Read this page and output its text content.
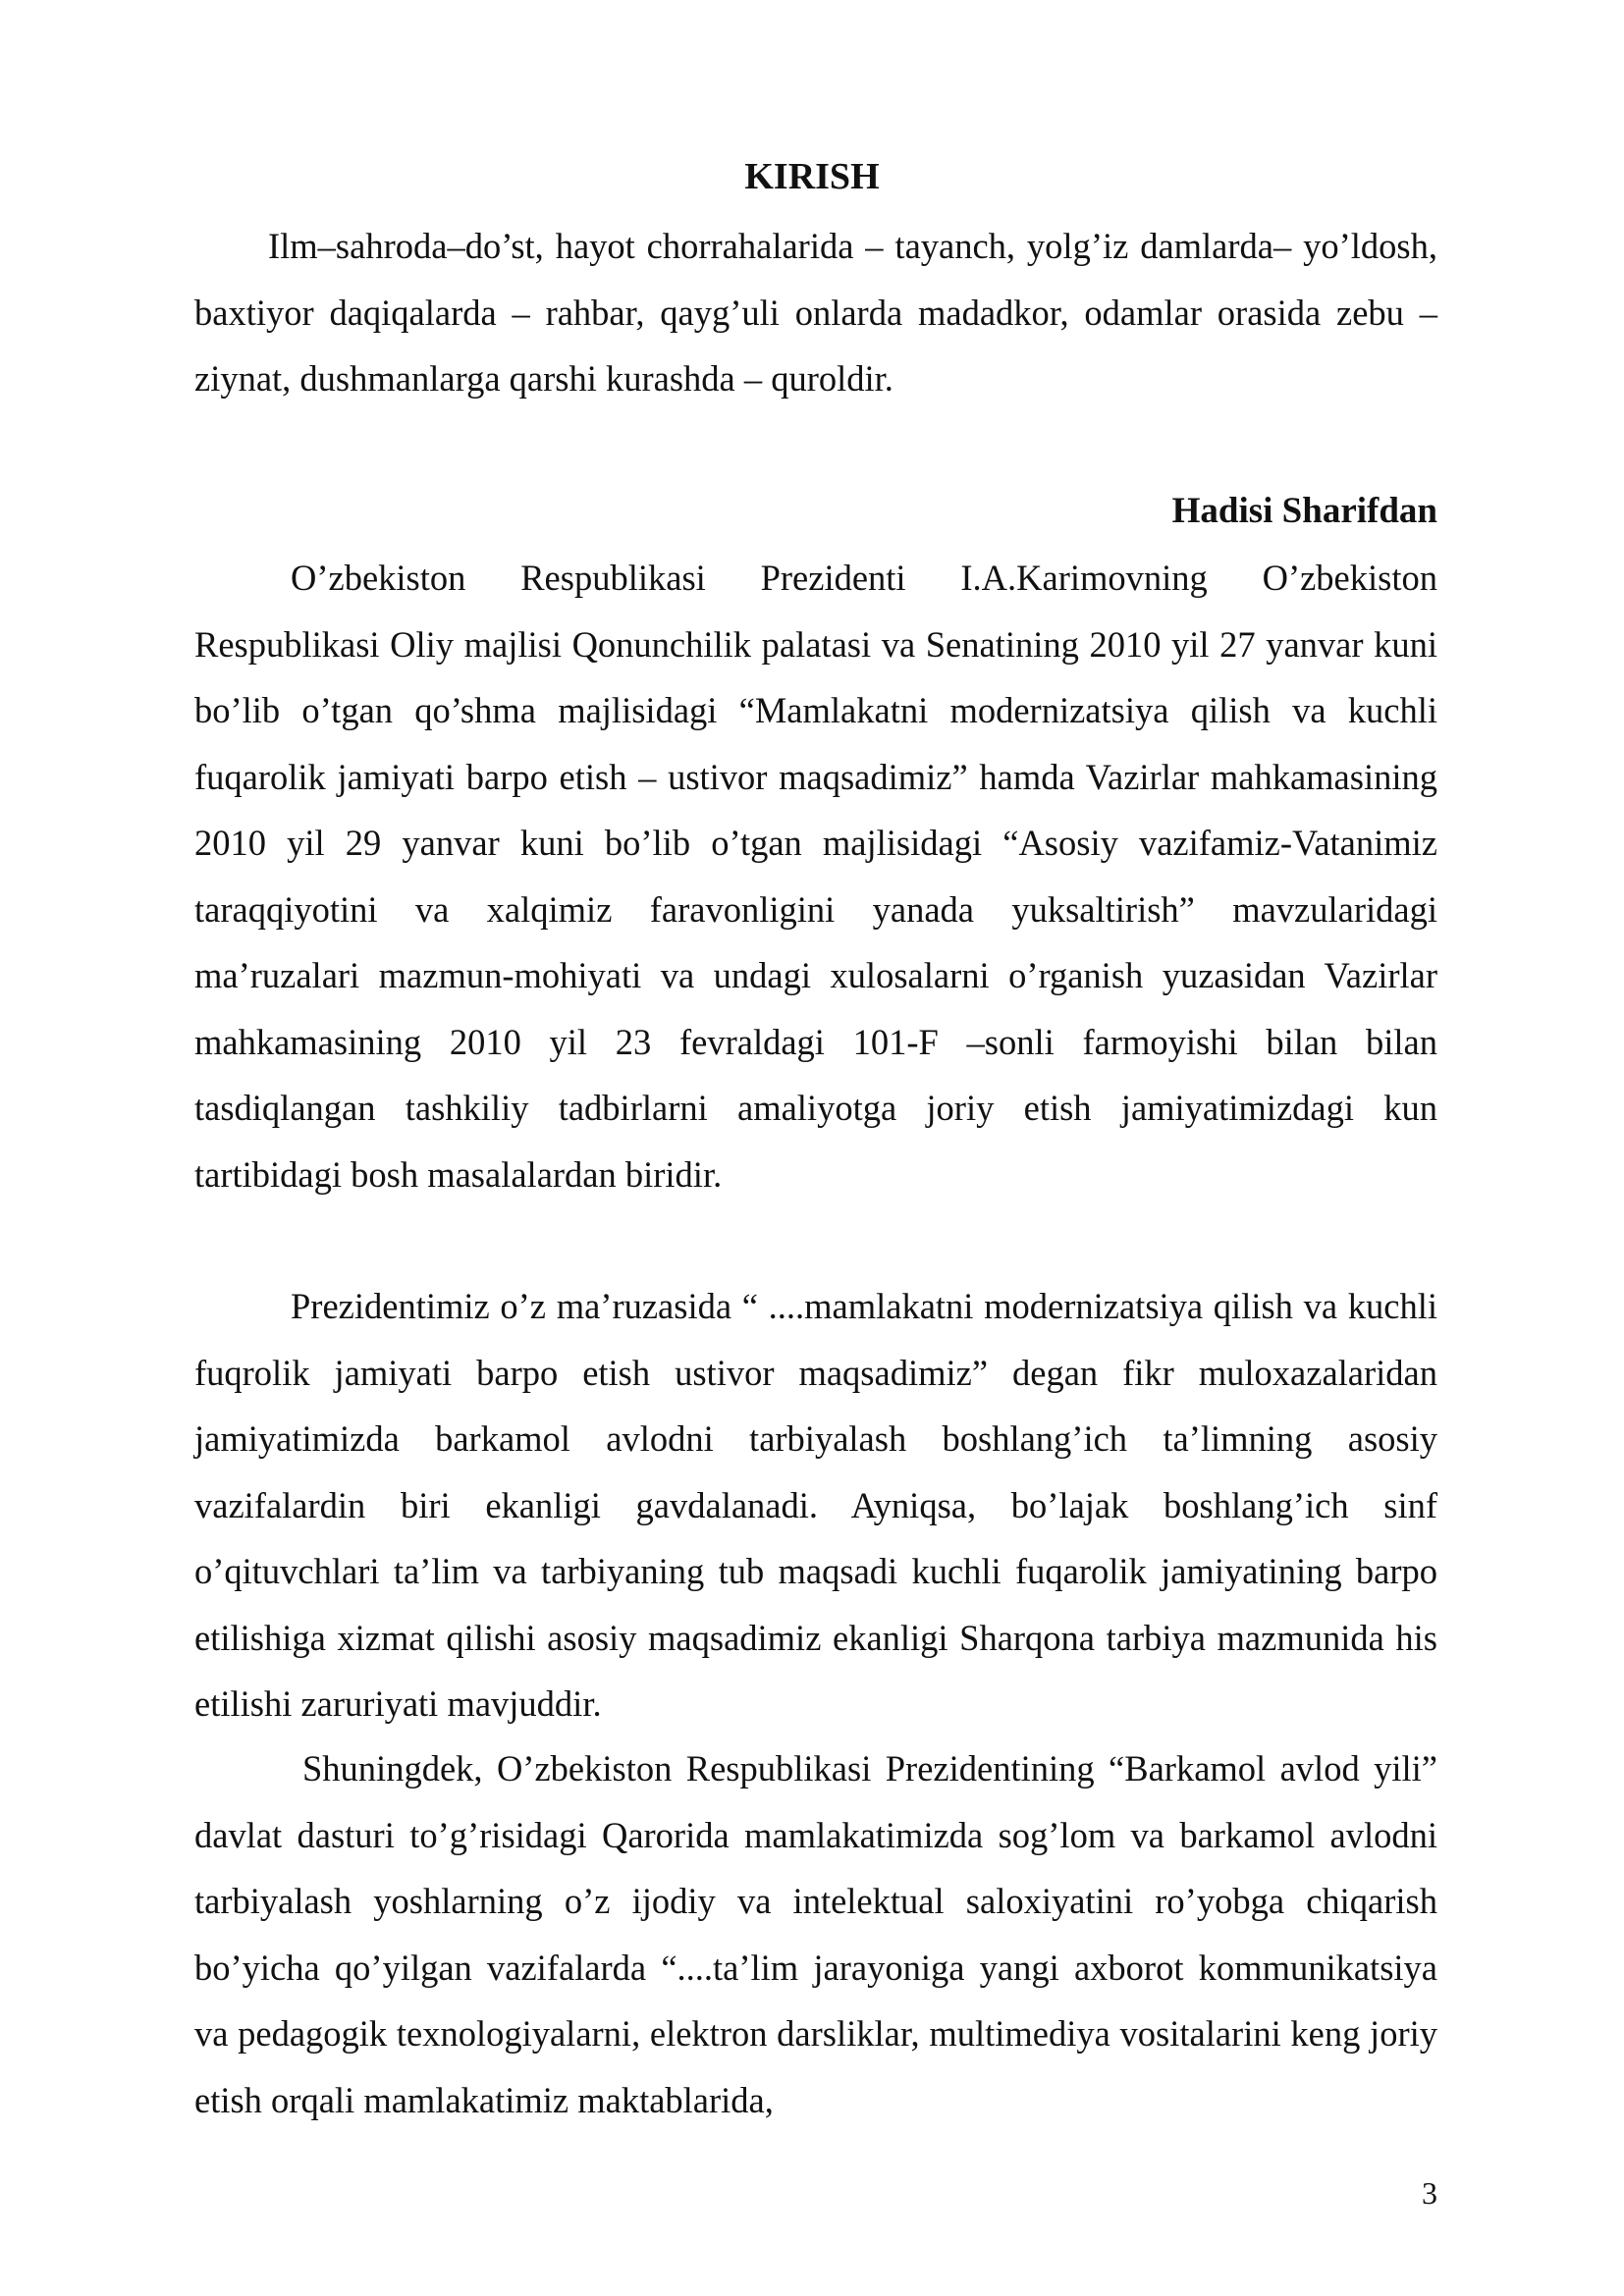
KIRISH
Ilm–sahroda–do’st, hayot chorrahalarida – tayanch, yolg’iz damlarda– yo’ldosh, baxtiyor daqiqalarda – rahbar, qayg’uli onlarda madadkor, odamlar orasida zebu – ziynat, dushmanlarga qarshi kurashda – quroldir.
Hadisi Sharifdan
O’zbekiston Respublikasi Prezidenti I.A.Karimovning O’zbekiston Respublikasi Oliy majlisi Qonunchilik palatasi va Senatining 2010 yil 27 yanvar kuni bo’lib o’tgan qo’shma majlisidagi “Mamlakatni modernizatsiya qilish va kuchli fuqarolik jamiyati barpo etish – ustivor maqsadimiz” hamda Vazirlar mahkamasining 2010 yil 29 yanvar kuni bo’lib o’tgan majlisidagi “Asosiy vazifamiz-Vatanimiz taraqqiyotini va xalqimiz faravonligini yanada yuksaltirish” mavzularidagi ma’ruzalari mazmun-mohiyati va undagi xulosalarni o’rganish yuzasidan Vazirlar mahkamasining 2010 yil 23 fevraldagi 101-F –sonli farmoyishi bilan bilan tasdiqlangan tashkiliy tadbirlarni amaliyotga joriy etish jamiyatimizdagi kun tartibidagi bosh masalalardan biridir.
Prezidentimiz o’z ma’ruzasida “ ....mamlakatni modernizatsiya qilish va kuchli fuqrolik jamiyati barpo etish ustivor maqsadimiz” degan fikr muloxazalaridan jamiyatimizda barkamol avlodni tarbiyalash boshlang’ich ta’limning asosiy vazifalardin biri ekanligi gavdalanadi. Ayniqsa, bo’lajak boshlang’ich sinf o’qituvchlari ta’lim va tarbiyaning tub maqsadi kuchli fuqarolik jamiyatining barpo etilishiga xizmat qilishi asosiy maqsadimiz ekanligi Sharqona tarbiya mazmunida his etilishi zaruriyati mavjuddir.
Shuningdek, O’zbekiston Respublikasi Prezidentining “Barkamol avlod yili” davlat dasturi to’g’risidagi Qarorida mamlakatimizda sog’lom va barkamol avlodni tarbiyalash yoshlarning o’z ijodiy va intelektual saloxiyatini ro’yobga chiqarish bo’yicha qo’yilgan vazifalarda “....ta’lim jarayoniga yangi axborot kommunikatsiya va pedagogik texnologiyalarni, elektron darsliklar, multimediya vositalarini keng joriy etish orqali mamlakatimiz maktablarida,
3
